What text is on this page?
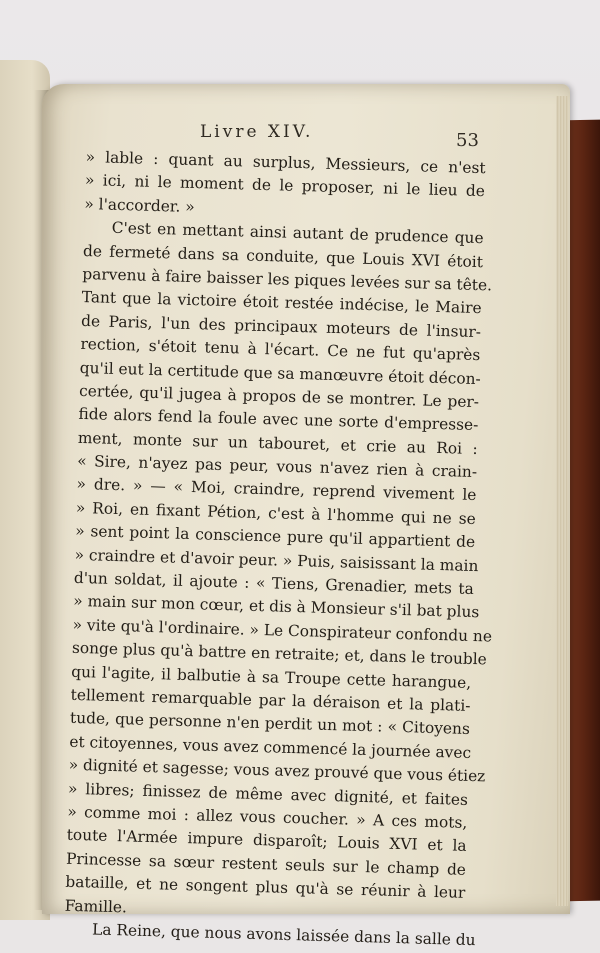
Livre XIV.	53
» lable : quant au surplus, Messieurs, ce n'est
» ici, ni le moment de le proposer, ni le lieu de
» l'accorder. »
C'est en mettant ainsi autant de prudence que
de fermeté dans sa conduite, que Louis XVI étoit
parvenu à faire baisser les piques levées sur sa tête.
Tant que la victoire étoit restée indécise, le Maire
de Paris, l'un des principaux moteurs de l'insur-
rection, s'étoit tenu à l'écart. Ce ne fut qu'après
qu'il eut la certitude que sa manœuvre étoit décon-
certée, qu'il jugea à propos de se montrer. Le per-
fide alors fend la foule avec une sorte d'empresse-
ment, monte sur un tabouret, et crie au Roi :
« Sire, n'ayez pas peur, vous n'avez rien à crain-
» dre. » — « Moi, craindre, reprend vivement le
» Roi, en fixant Pétion, c'est à l'homme qui ne se
» sent point la conscience pure qu'il appartient de
» craindre et d'avoir peur. » Puis, saisissant la main
d'un soldat, il ajoute : « Tiens, Grenadier, mets ta
» main sur mon cœur, et dis à Monsieur s'il bat plus
» vite qu'à l'ordinaire. » Le Conspirateur confondu ne
songe plus qu'à battre en retraite; et, dans le trouble
qui l'agite, il balbutie à sa Troupe cette harangue,
tellement remarquable par la déraison et la plati-
tude, que personne n'en perdit un mot : « Citoyens
et citoyennes, vous avez commencé la journée avec
» dignité et sagesse; vous avez prouvé que vous étiez
» libres; finissez de même avec dignité, et faites
» comme moi : allez vous coucher. » A ces mots,
toute l'Armée impure disparoît; Louis XVI et la
Princesse sa sœur restent seuls sur le champ de
bataille, et ne songent plus qu'à se réunir à leur
Famille.
La Reine, que nous avons laissée dans la salle du
